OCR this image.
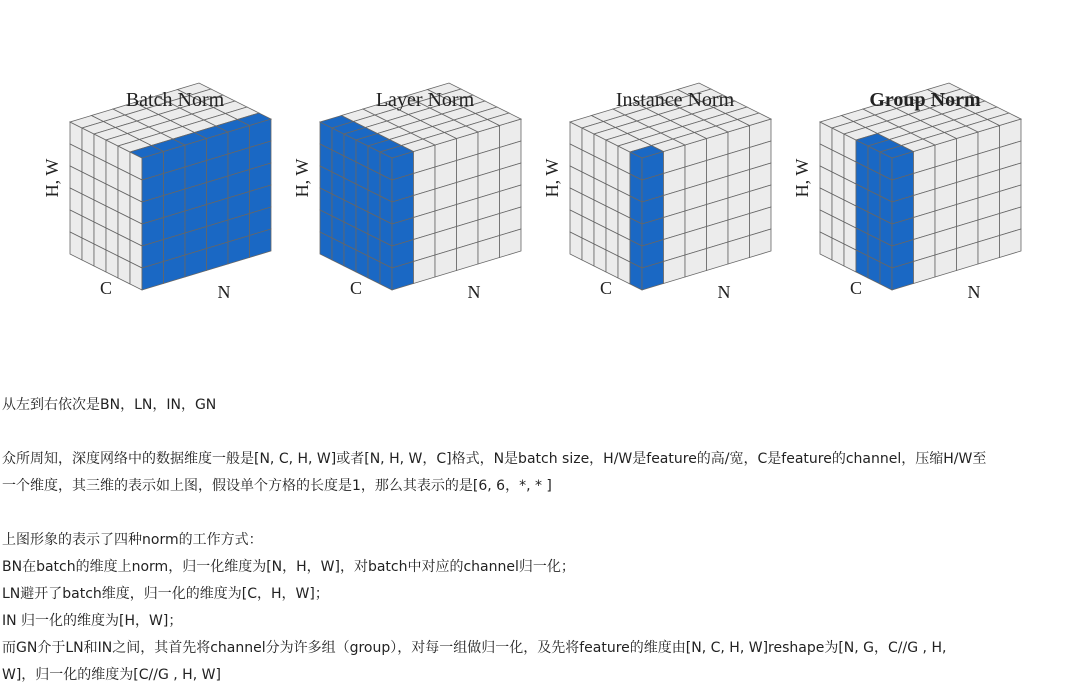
Batch Norm
H, W
C	N
Layer Norm
H, W
C	N
Instance Norm
H, W
C	N
Group Norm
H, W
C	N
从左到右依次是BN，LN，IN，GN
众所周知，深度网络中的数据维度一般是[N, C, H, W]或者[N, H, W，C]格式，N是batch size，H/W是feature的高/宽，C是feature的channel，压缩H/W至
一个维度，其三维的表示如上图，假设单个方格的长度是1，那么其表示的是[6, 6，*, * ]
上图形象的表示了四种norm的工作方式：
BN在batch的维度上norm，归一化维度为[N，H，W]，对batch中对应的channel归一化；
LN避开了batch维度，归一化的维度为[C，H，W]；
IN 归一化的维度为[H，W]；
而GN介于LN和IN之间，其首先将channel分为许多组（group），对每一组做归一化，及先将feature的维度由[N, C, H, W]reshape为[N, G，C//G , H,
W]，归一化的维度为[C//G , H, W]
